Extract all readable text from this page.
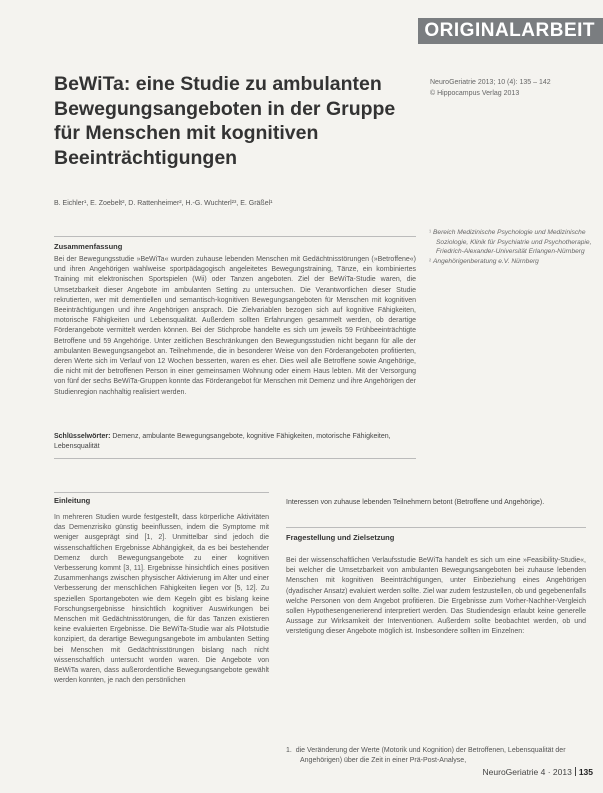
ORIGINALARBEIT
BeWiTa: eine Studie zu ambulanten Bewegungsangeboten in der Gruppe für Menschen mit kognitiven Beeinträchtigungen
NeuroGeriatrie 2013; 10 (4): 135 – 142
© Hippocampus Verlag 2013
B. Eichler¹, E. Zoebelt², D. Rattenheimer², H.-G. Wuchterl²³, E. Gräßel¹
Zusammenfassung

Bei der Bewegungsstudie »BeWiTa« wurden zuhause lebenden Menschen mit Gedächtnisstörungen (»Betroffene«) und ihren Angehörigen wahlweise sportpädagogisch angeleitetes Bewegungstraining, Tänze, ein kombiniertes Training mit elektronischen Sportspielen (Wii) oder Tanzen angeboten. Ziel der BeWiTa-Studie waren, die Umsetzbarkeit dieser Angebote im ambulanten Setting zu untersuchen. Die Verantwortlichen dieser Studie rekrutierten, wer mit dementiellen und semantisch-kognitiven Bewegungsangeboten für Menschen mit kognitiven Beeinträchtigungen und ihre Angehörigen ansprach. Die Zielvariablen bezogen sich auf kognitive Fähigkeiten, motorische Fähigkeiten und Lebensqualität. Außerdem sollten Erfahrungen gesammelt werden, ob derartige Förderangebote vermittelt werden können. Bei der Stichprobe handelte es sich um jeweils 59 Frühbeeinträchtigte Betroffene und 59 Angehörige. Unter zeitlichen Beschränkungen den Bewegungsstudien nicht begann für alle der ambulanten Bewegungsangebot an. Teilnehmende, die in besonderer Weise von den Förderangeboten profitierten, deren Werte sich im Verlauf von 12 Wochen besserten, waren es eher. Dies weil alle Betroffene sowie Angehörige, die nicht mit der betroffenen Person in einer gemeinsamen Wohnung oder einem Haus lebten. Mit der Versorgung von fünf der sechs BeWiTa-Gruppen konnte das Förderangebot für Menschen mit Demenz und ihre Angehörigen der Studienregion nachhaltig realisiert werden.

Schlüsselwörter: Demenz, ambulante Bewegungsangebote, kognitive Fähigkeiten, motorische Fähigkeiten, Lebensqualität
¹ Bereich Medizinische Psychologie und Medizinische Soziologie, Klinik für Psychiatrie und Psychotherapie, Friedrich-Alexander-Universität Erlangen-Nürnberg
² Angehörigenberatung e.V. Nürnberg
Einleitung

In mehreren Studien wurde festgestellt, dass körperliche Aktivitäten das Demenzrisiko günstig beeinflussen, indem die Symptome mit weniger ausgeprägt sind [1, 2]. Unmittelbar sind jedoch die wissenschaftlichen Ergebnisse Abhängigkeit, da es bei bestehender Demenz durch Bewegungsangebote zu einer kognitiven Verbesserung kommt [3, 11]. Ergebnisse hinsichtlich eines positiven Zusammenhangs zwischen physischer Aktivierung im Alter und einer Verbesserung der menschlichen Fähigkeiten liegen vor [5, 12]. Zu speziellen Sportangeboten wie dem Kegeln gibt es bislang keine Forschungsergebnisse hinsichtlich kognitiver Auswirkungen bei Menschen mit Gedächtnisstörungen, die für das Tanzen existieren keine evaluierten Ergebnisse. Die BeWiTa-Studie war als Pilotstudie konzipiert, da derartige Bewegungsangebote im ambulanten Setting bei Menschen mit Gedächtnisstörungen bislang nach nicht wissenschaftlich untersucht worden waren. Die Angebote von BeWiTa waren, dass außerordentliche Bewegungsangebote gewählt werden konnten, je nach den persönlichen

Interessen von zuhause lebenden Teilnehmern betont (Betroffene und Angehörige).

Fragestellung und Zielsetzung

Bei der wissenschaftlichen Verlaufsstudie BeWiTa handelt es sich um eine »Feasibility-Studie«, bei welcher die Umsetzbarkeit von ambulanten Bewegungsangeboten bei zuhause lebenden Menschen mit kognitiven Beeinträchtigungen, unter Einbeziehung eines Angehörigen (dyadischer Ansatz) evaluiert werden sollte. Ziel war zudem festzustellen, ob und gegebenenfalls welche Personen von dem Angebot profitieren. Die Ergebnisse zum Vorher-Nachher-Vergleich sollen Hypothesengenerierend interpretiert werden. Das Studiendesign erlaubt keine generelle Aussage zur Wirksamkeit der Interventionen. Außerdem sollte beobachtet werden, ob und verstetigung dieser Angebote möglich ist. Insbesondere sollten im Einzelnen:

1. die Veränderung der Werte (Motorik und Kognition) der Betroffenen, Lebensqualität der Angehörigen) über die Zeit in einer Prä-Post-Analyse,
NeuroGeriatrie 4 · 2013 135
